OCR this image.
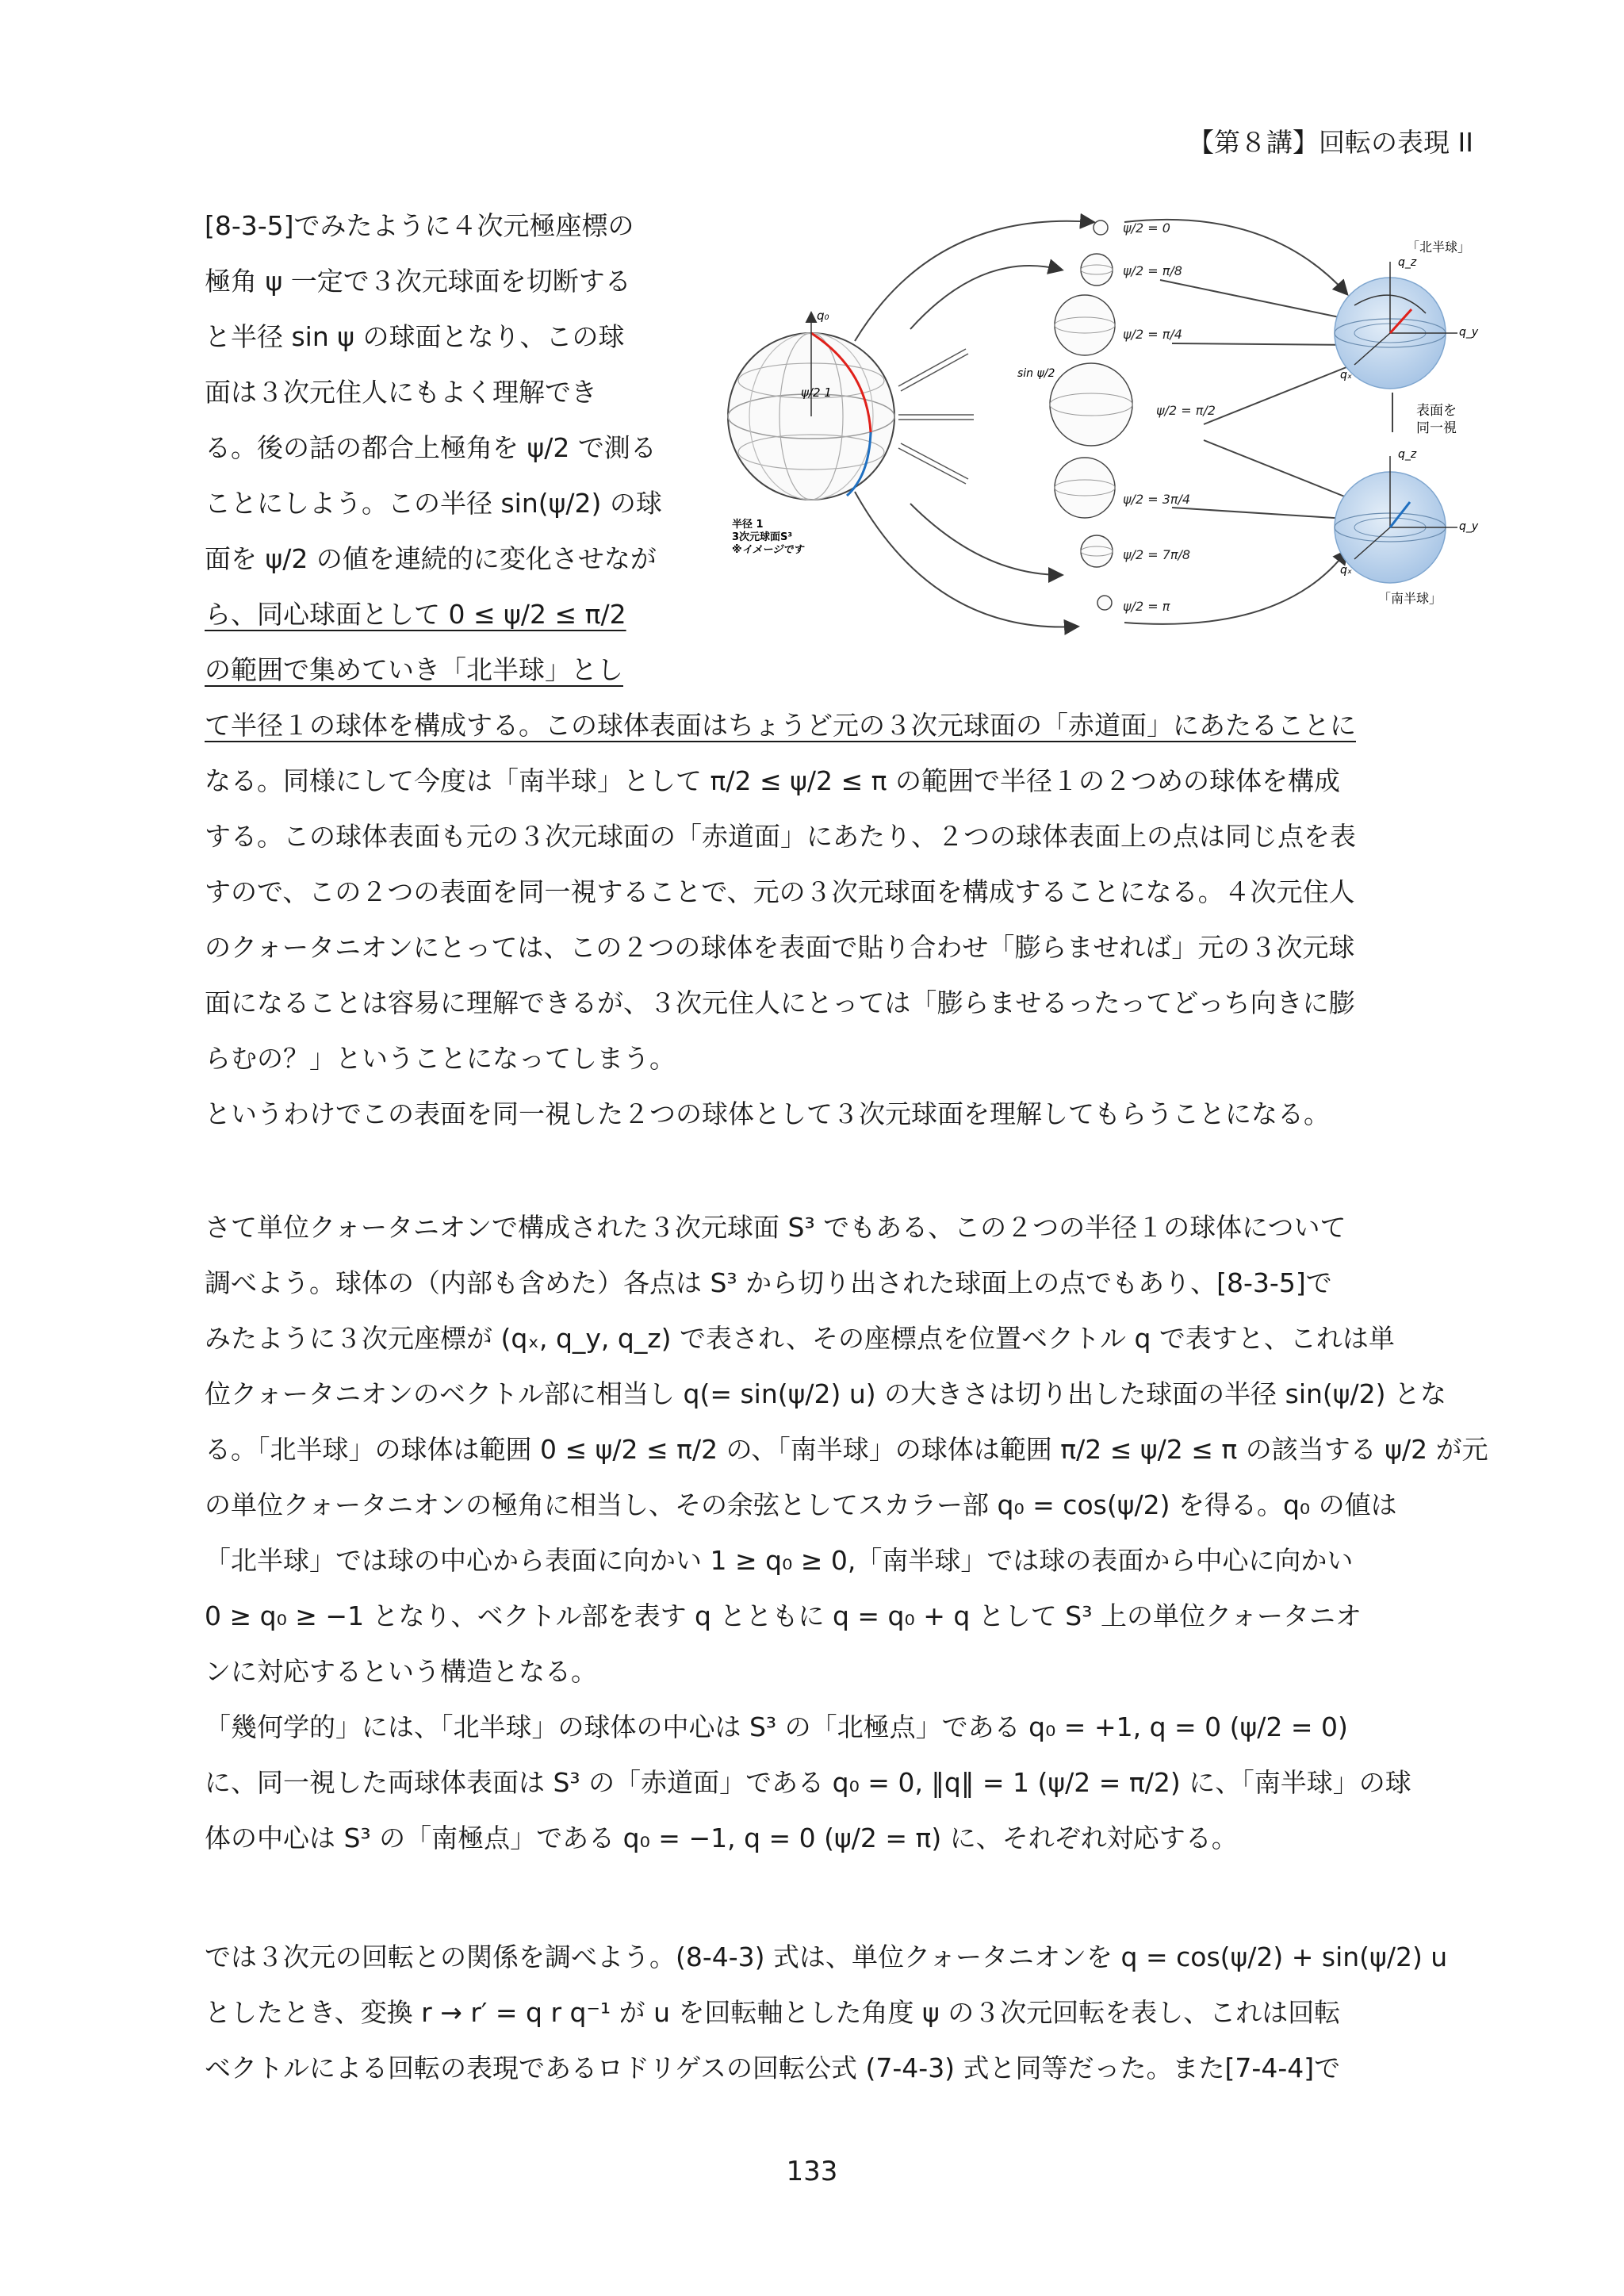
【第８講】回転の表現 II

[8-3-5]でみたように４次元極座標の

極角 ψ 一定で３次元球面を切断する

と半径 sin ψ の球面となり、この球

面は３次元住人にもよく理解でき

る。後の話の都合上極角を ψ/2 で測る

ことにしよう。この半径 sin(ψ/2) の球

面を ψ/2 の値を連続的に変化させなが

ら、同心球面として 0 ≤ ψ/2 ≤ π/2

の範囲で集めていき「北半球」とし

q₀
ψ/2 1
半径 1
3次元球面S³
※イメージです
sin ψ/2
ψ/2 = 0
ψ/2 = π/8
ψ/2 = π/4
ψ/2 = π/2
ψ/2 = 3π/4
ψ/2 = 7π/8
ψ/2 = π
q_z
q_y
qₓ
「北半球」
表面を
同一視
q_z
q_y
qₓ
「南半球」

て半径１の球体を構成する。この球体表面はちょうど元の３次元球面の「赤道面」にあたることに

なる。同様にして今度は「南半球」として π/2 ≤ ψ/2 ≤ π の範囲で半径１の２つめの球体を構成

する。この球体表面も元の３次元球面の「赤道面」にあたり、２つの球体表面上の点は同じ点を表

すので、この２つの表面を同一視することで、元の３次元球面を構成することになる。４次元住人

のクォータニオンにとっては、この２つの球体を表面で貼り合わせ「膨らませれば」元の３次元球

面になることは容易に理解できるが、３次元住人にとっては「膨らませるったってどっち向きに膨

らむの？」ということになってしまう。

というわけでこの表面を同一視した２つの球体として３次元球面を理解してもらうことになる。

さて単位クォータニオンで構成された３次元球面 S³ でもある、この２つの半径１の球体について

調べよう。球体の（内部も含めた）各点は S³ から切り出された球面上の点でもあり、[8-3-5]で

みたように３次元座標が (qₓ, q_y, q_z) で表され、その座標点を位置ベクトル q で表すと、これは単

位クォータニオンのベクトル部に相当し q(= sin(ψ/2) u) の大きさは切り出した球面の半径 sin(ψ/2) とな

る。「北半球」の球体は範囲 0 ≤ ψ/2 ≤ π/2 の、「南半球」の球体は範囲 π/2 ≤ ψ/2 ≤ π の該当する ψ/2 が元

の単位クォータニオンの極角に相当し、その余弦としてスカラー部 q₀ = cos(ψ/2) を得る。q₀ の値は

「北半球」では球の中心から表面に向かい 1 ≥ q₀ ≥ 0,「南半球」では球の表面から中心に向かい

0 ≥ q₀ ≥ −1 となり、ベクトル部を表す q とともに q = q₀ + q として S³ 上の単位クォータニオ

ンに対応するという構造となる。

「幾何学的」には、「北半球」の球体の中心は S³ の「北極点」である q₀ = +1, q = 0 (ψ/2 = 0)

に、同一視した両球体表面は S³ の「赤道面」である q₀ = 0, ‖q‖ = 1 (ψ/2 = π/2) に、「南半球」の球

体の中心は S³ の「南極点」である q₀ = −1, q = 0 (ψ/2 = π) に、それぞれ対応する。

では３次元の回転との関係を調べよう。(8-4-3) 式は、単位クォータニオンを q = cos(ψ/2) + sin(ψ/2) u

としたとき、変換 r → r′ = q r q⁻¹ が u を回転軸とした角度 ψ の３次元回転を表し、これは回転

ベクトルによる回転の表現であるロドリゲスの回転公式 (7-4-3) 式と同等だった。また[7-4-4]で

133
